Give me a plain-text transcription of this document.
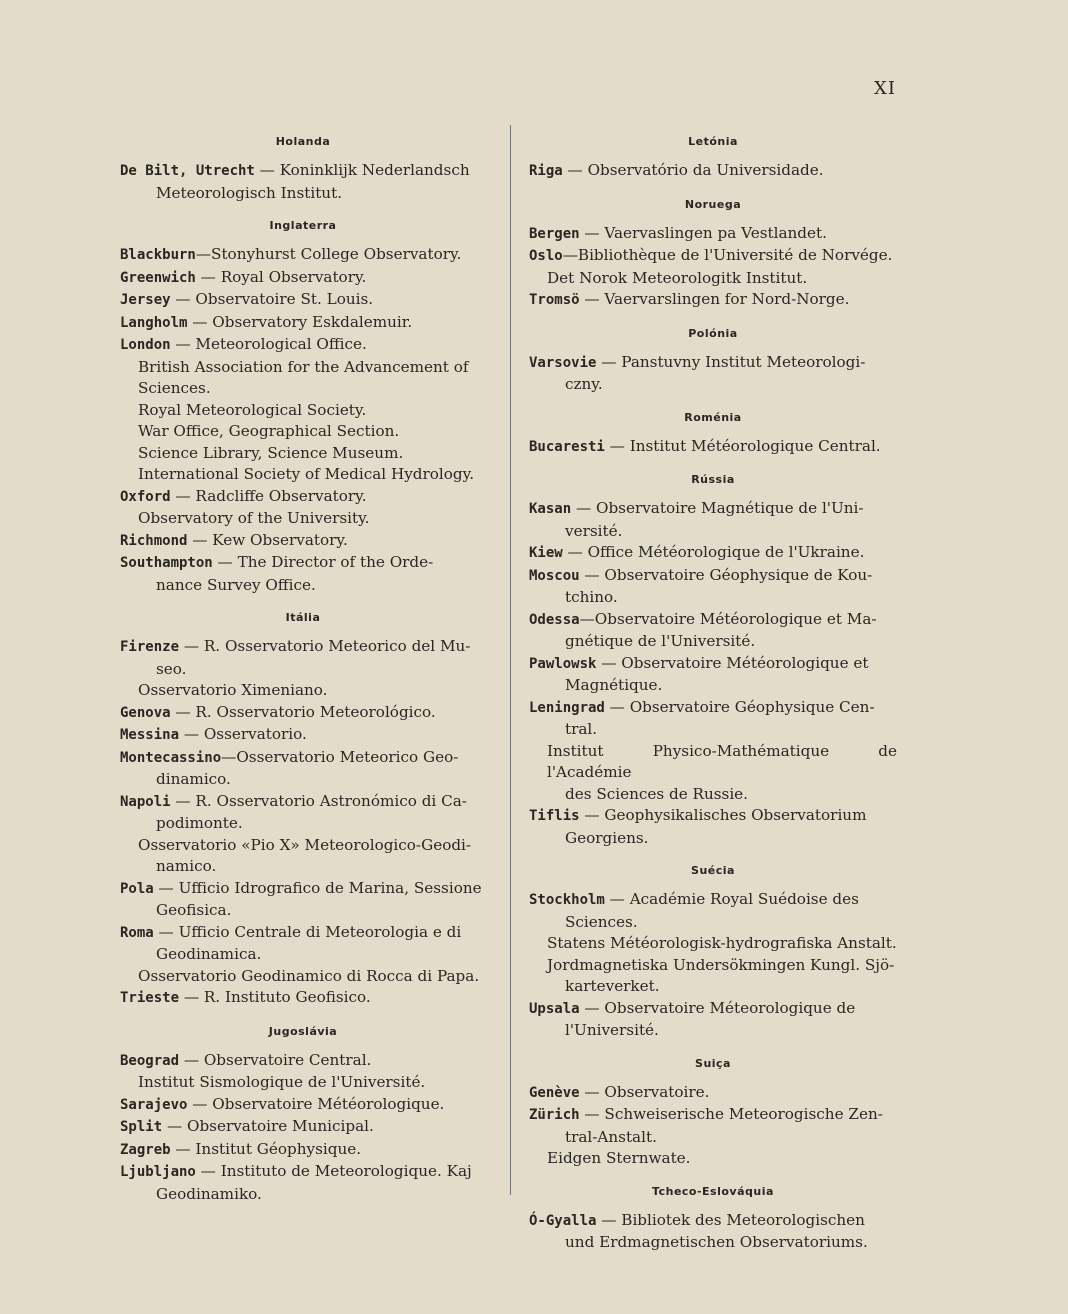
XI
Holanda
De Bilt, Utrecht — Koninklijk Nederlandsch
Meteorologisch Institut.
Inglaterra
Blackburn—Stonyhurst College Observatory.
Greenwich — Royal Observatory.
Jersey — Observatoire St. Louis.
Langholm — Observatory Eskdalemuir.
London — Meteorological Office.
British Association for the Advancement of
Sciences.
Royal Meteorological Society.
War Office, Geographical Section.
Science Library, Science Museum.
International Society of Medical Hydrology.
Oxford — Radcliffe Observatory.
Observatory of the University.
Richmond — Kew Observatory.
Southampton — The Director of the Orde-
nance Survey Office.
Itália
Firenze — R. Osservatorio Meteorico del Mu-
seo.
Osservatorio Ximeniano.
Genova — R. Osservatorio Meteorológico.
Messina — Osservatorio.
Montecassino—Osservatorio Meteorico Geo-
dinamico.
Napoli — R. Osservatorio Astronómico di Ca-
podimonte.
Osservatorio «Pio X» Meteorologico-Geodi-
namico.
Pola — Ufficio Idrografico de Marina, Sessione
Geofisica.
Roma — Ufficio Centrale di Meteorologia e di
Geodinamica.
Osservatorio Geodinamico di Rocca di Papa.
Trieste — R. Instituto Geofisico.
Jugoslávia
Beograd — Observatoire Central.
Institut Sismologique de l'Université.
Sarajevo — Observatoire Météorologique.
Split — Observatoire Municipal.
Zagreb — Institut Géophysique.
Ljubljano — Instituto de Meteorologique. Kaj
Geodinamiko.
Letónia
Riga — Observatório da Universidade.
Noruega
Bergen — Vaervaslingen pa Vestlandet.
Oslo—Bibliothèque de l'Université de Norvége.
Det Norok Meteorologitk Institut.
Tromsö — Vaervarslingen for Nord-Norge.
Polónia
Varsovie — Panstuvny Institut Meteorologi-
czny.
Roménia
Bucaresti — Institut Météorologique Central.
Rússia
Kasan — Observatoire Magnétique de l'Uni-
versité.
Kiew — Office Météorologique de l'Ukraine.
Moscou — Observatoire Géophysique de Kou-
tchino.
Odessa—Observatoire Météorologique et Ma-
gnétique de l'Université.
Pawlowsk — Observatoire Météorologique et
Magnétique.
Leningrad — Observatoire Géophysique Cen-
tral.
Institut Physico-Mathématique de l'Académie
des Sciences de Russie.
Tiflis — Geophysikalisches Observatorium
Georgiens.
Suécia
Stockholm — Académie Royal Suédoise des
Sciences.
Statens Météorologisk-hydrografiska Anstalt.
Jordmagnetiska Undersökmingen Kungl. Sjö-
karteverket.
Upsala — Observatoire Méteorologique de
l'Université.
Suiça
Genève — Observatoire.
Zürich — Schweiserische Meteorogische Zen-
tral-Anstalt.
Eidgen Sternwate.
Tcheco-Eslováquia
Ó-Gyalla — Bibliotek des Meteorologischen
und Erdmagnetischen Observatoriums.
